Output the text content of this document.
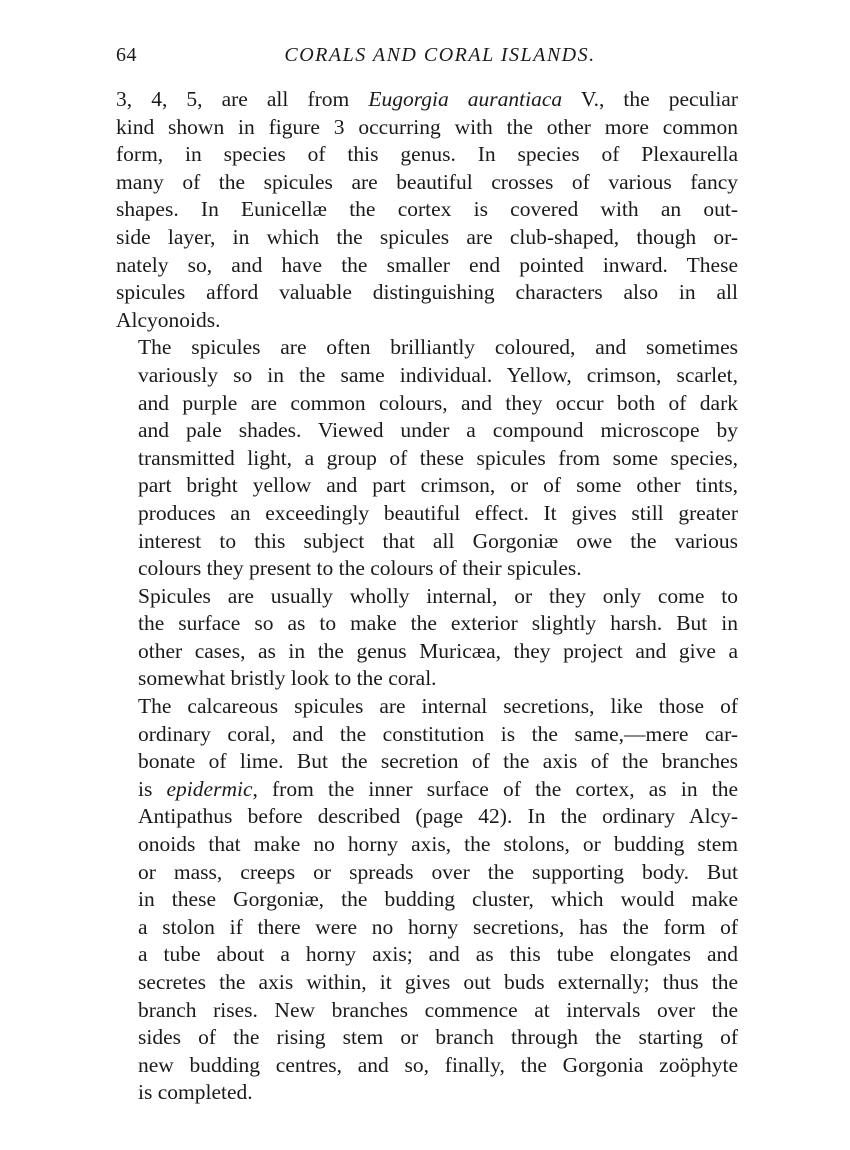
64	CORALS AND CORAL ISLANDS.

3, 4, 5, are all from Eugorgia aurantiaca V., the peculiar
kind shown in figure 3 occurring with the other more common
form, in species of this genus. In species of Plexaurella
many of the spicules are beautiful crosses of various fancy
shapes. In Eunicellæ the cortex is covered with an out-
side layer, in which the spicules are club-shaped, though or-
nately so, and have the smaller end pointed inward. These
spicules afford valuable distinguishing characters also in all
Alcyonoids.

The spicules are often brilliantly coloured, and sometimes
variously so in the same individual. Yellow, crimson, scarlet,
and purple are common colours, and they occur both of dark
and pale shades. Viewed under a compound microscope by
transmitted light, a group of these spicules from some species,
part bright yellow and part crimson, or of some other tints,
produces an exceedingly beautiful effect. It gives still greater
interest to this subject that all Gorgoniæ owe the various
colours they present to the colours of their spicules.

Spicules are usually wholly internal, or they only come to
the surface so as to make the exterior slightly harsh. But in
other cases, as in the genus Muricæa, they project and give a
somewhat bristly look to the coral.

The calcareous spicules are internal secretions, like those of
ordinary coral, and the constitution is the same,—mere car-
bonate of lime. But the secretion of the axis of the branches
is epidermic, from the inner surface of the cortex, as in the
Antipathus before described (page 42). In the ordinary Alcy-
onoids that make no horny axis, the stolons, or budding stem
or mass, creeps or spreads over the supporting body. But
in these Gorgoniæ, the budding cluster, which would make
a stolon if there were no horny secretions, has the form of
a tube about a horny axis; and as this tube elongates and
secretes the axis within, it gives out buds externally; thus the
branch rises. New branches commence at intervals over the
sides of the rising stem or branch through the starting of
new budding centres, and so, finally, the Gorgonia zoöphyte
is completed.
